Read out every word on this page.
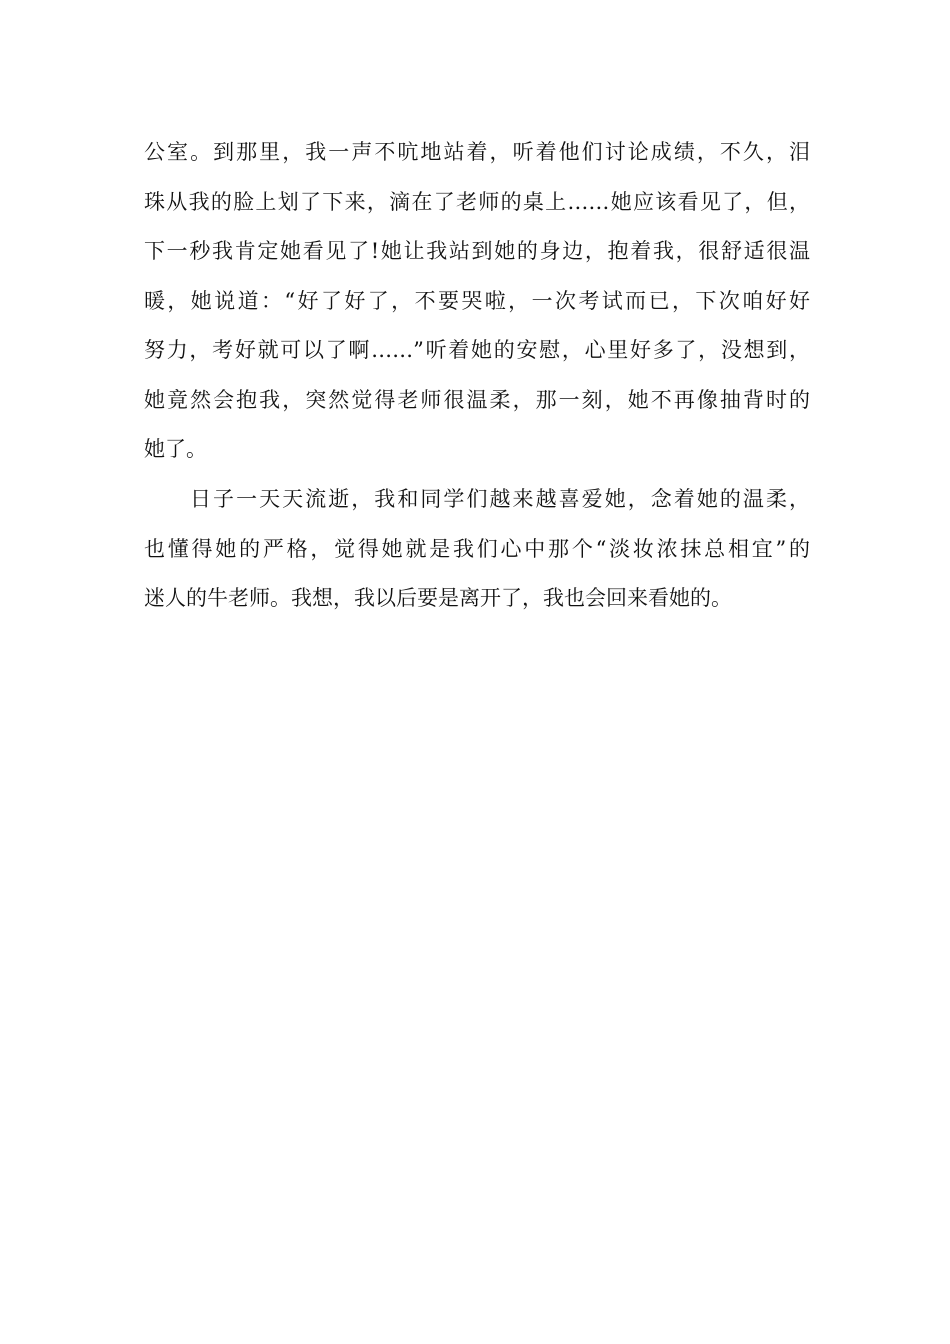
公室。到那里，我一声不吭地站着，听着他们讨论成绩，不久，泪
珠从我的脸上划了下来，滴在了老师的桌上……她应该看见了，但，
下一秒我肯定她看见了!她让我站到她的身边，抱着我，很舒适很温
暖，她说道：“好了好了，不要哭啦，一次考试而已，下次咱好好
努力，考好就可以了啊……”听着她的安慰，心里好多了，没想到，
她竟然会抱我，突然觉得老师很温柔，那一刻，她不再像抽背时的
她了。
日子一天天流逝，我和同学们越来越喜爱她，念着她的温柔，
也懂得她的严格，觉得她就是我们心中那个“淡妆浓抹总相宜”的
迷人的牛老师。我想，我以后要是离开了，我也会回来看她的。
